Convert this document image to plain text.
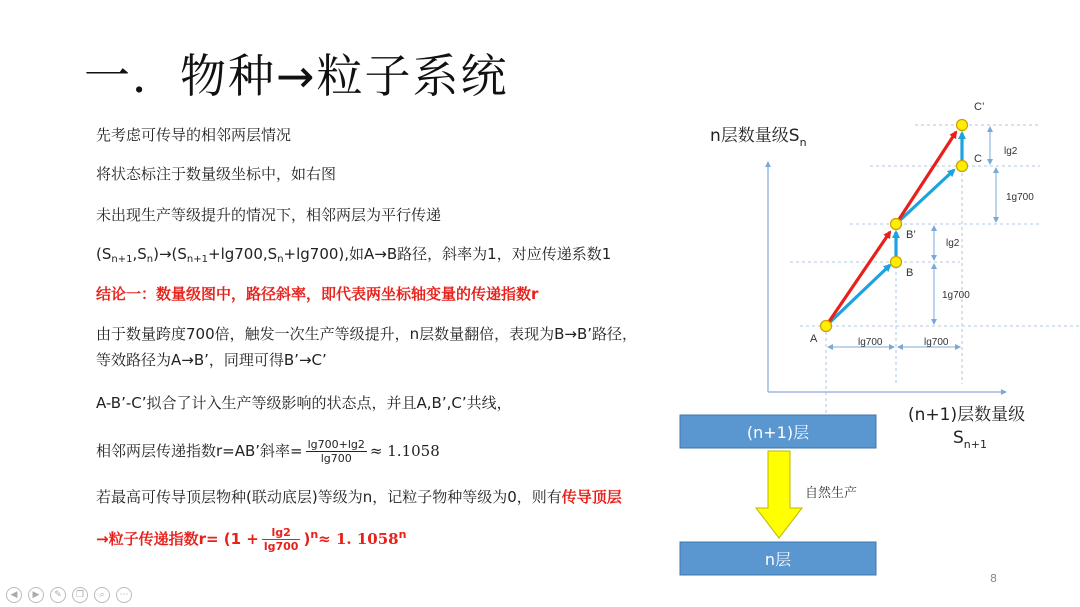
一．物种→粒子系统
先考虑可传导的相邻两层情况
将状态标注于数量级坐标中，如右图
未出现生产等级提升的情况下，相邻两层为平行传递
$(S_{n+1},S_n)\to(S_{n+1}+\lg 700,S_n+\lg 700)$,如A→B路径，斜率为1，对应传递系数1
结论一：数量级图中，路径斜率，即代表两坐标轴变量的传递指数r
由于数量跨度700倍，触发一次生产等级提升，n层数量翻倍，表现为B→B’路径，
等效路径为A→B’，同理可得B’→C’
A-B’-C’拟合了计入生产等级影响的状态点，并且A,B’,C’共线，
相邻两层传递指数r=AB’斜率= $\frac{\lg 700+\lg 2}{\lg 700} \approx 1.1058$
若最高可传导顶层物种(联动底层)等级为n，记粒子物种等级为0，则有传导顶层
→粒子传递指数$r= (1 + \frac{\lg 2}{\lg 700} )^n\approx 1$. 1058$^n$
A
B
B’
C
C’
lg700	lg700
1g700
lg2
1g700
lg2
n层数量级$S_n$
(n+1)层数量级
$S_{n+1}$
(n+1)层
n层
自然生产
8
◀	▶	✎	❐	⌕	⋯
